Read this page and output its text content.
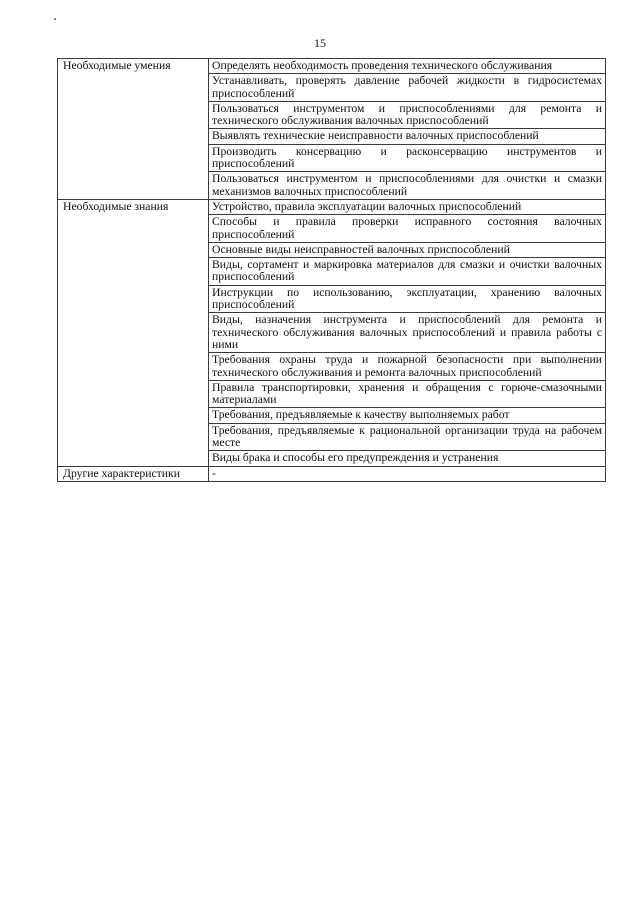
15
Необходимые умения	Определять необходимость проведения технического обслуживания
	Устанавливать, проверять давление рабочей жидкости в гидросистемах приспособлений
	Пользоваться инструментом и приспособлениями для ремонта и технического обслуживания валочных приспособлений
	Выявлять технические неисправности валочных приспособлений
	Производить консервацию и расконсервацию инструментов и приспособлений
	Пользоваться инструментом и приспособлениями для очистки и смазки механизмов валочных приспособлений
Необходимые знания	Устройство, правила эксплуатации валочных приспособлений
	Способы и правила проверки исправного состояния валочных приспособлений
	Основные виды неисправностей валочных приспособлений
	Виды, сортамент и маркировка материалов для смазки и очистки валочных приспособлений
	Инструкции по использованию, эксплуатации, хранению валочных приспособлений
	Виды, назначения инструмента и приспособлений для ремонта и технического обслуживания валочных приспособлений и правила работы с ними
	Требования охраны труда и пожарной безопасности при выполнении технического обслуживания и ремонта валочных приспособлений
	Правила транспортировки, хранения и обращения с горюче-смазочными материалами
	Требования, предъявляемые к качеству выполняемых работ
	Требования, предъявляемые к рациональной организации труда на рабочем месте
	Виды брака и способы его предупреждения и устранения
Другие характеристики	-
